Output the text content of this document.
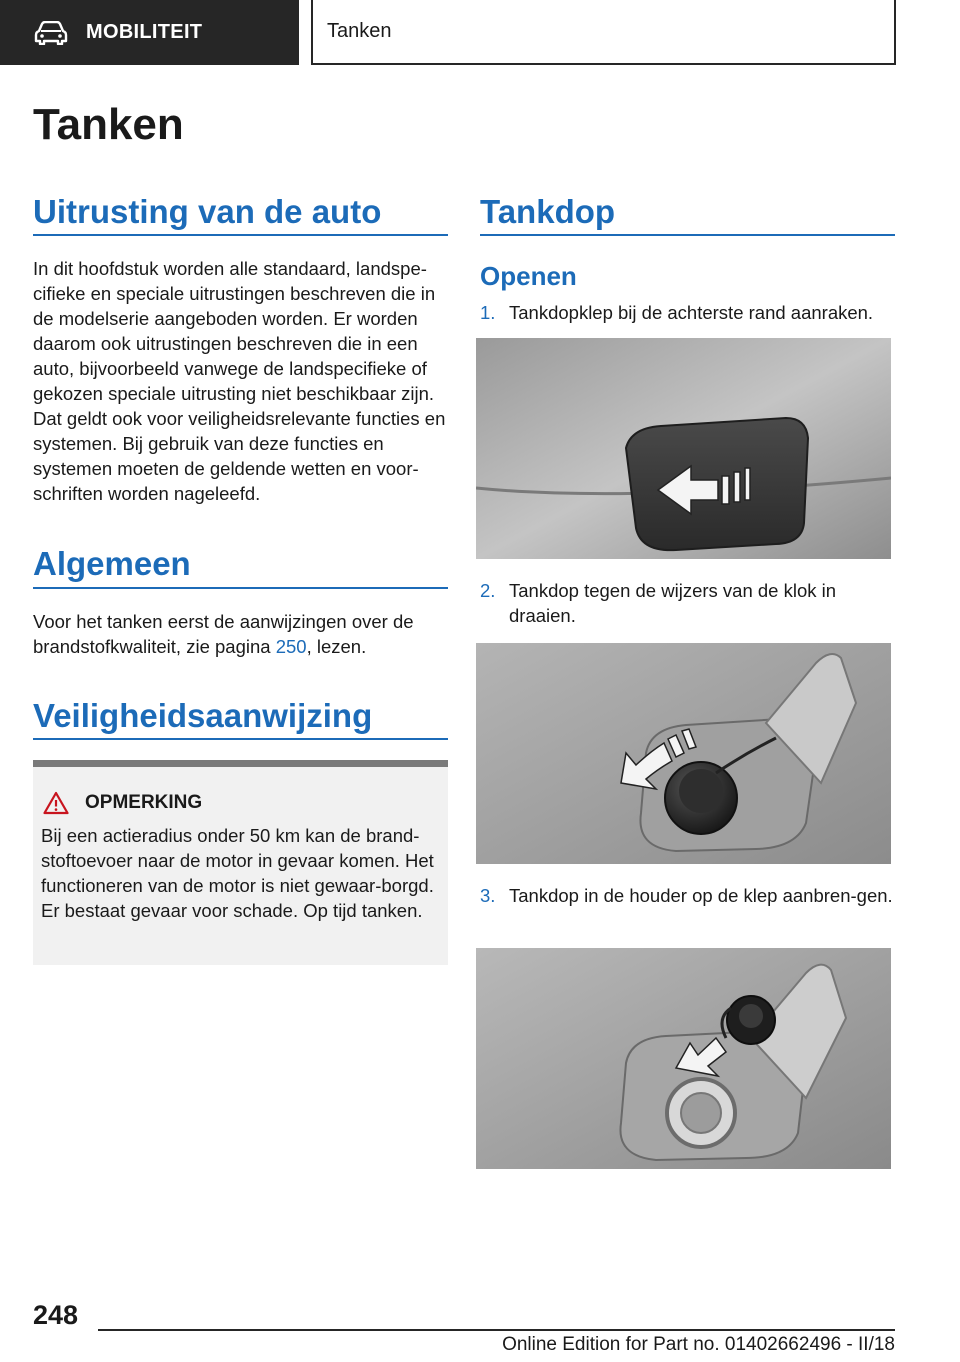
MOBILITEIT	Tanken
Tanken
Uitrusting van de auto
In dit hoofdstuk worden alle standaard, landspe-cifieke en speciale uitrustingen beschreven die in de modelserie aangeboden worden. Er worden daarom ook uitrustingen beschreven die in een auto, bijvoorbeeld vanwege de landspecifieke of gekozen speciale uitrusting niet beschikbaar zijn. Dat geldt ook voor veiligheidsrelevante functies en systemen. Bij gebruik van deze functies en systemen moeten de geldende wetten en voor-schriften worden nageleefd.
Algemeen
Voor het tanken eerst de aanwijzingen over de brandstofkwaliteit, zie pagina 250, lezen.
Veiligheidsaanwijzing
OPMERKING
Bij een actieradius onder 50 km kan de brand-stoftoevoer naar de motor in gevaar komen. Het functioneren van de motor is niet gewaar-borgd. Er bestaat gevaar voor schade. Op tijd tanken.
Tankdop
Openen
1. Tankdopklep bij de achterste rand aanraken.
2. Tankdop tegen de wijzers van de klok in draaien.
3. Tankdop in de houder op de klep aanbren-gen.
248
Online Edition for Part no. 01402662496 - II/18
